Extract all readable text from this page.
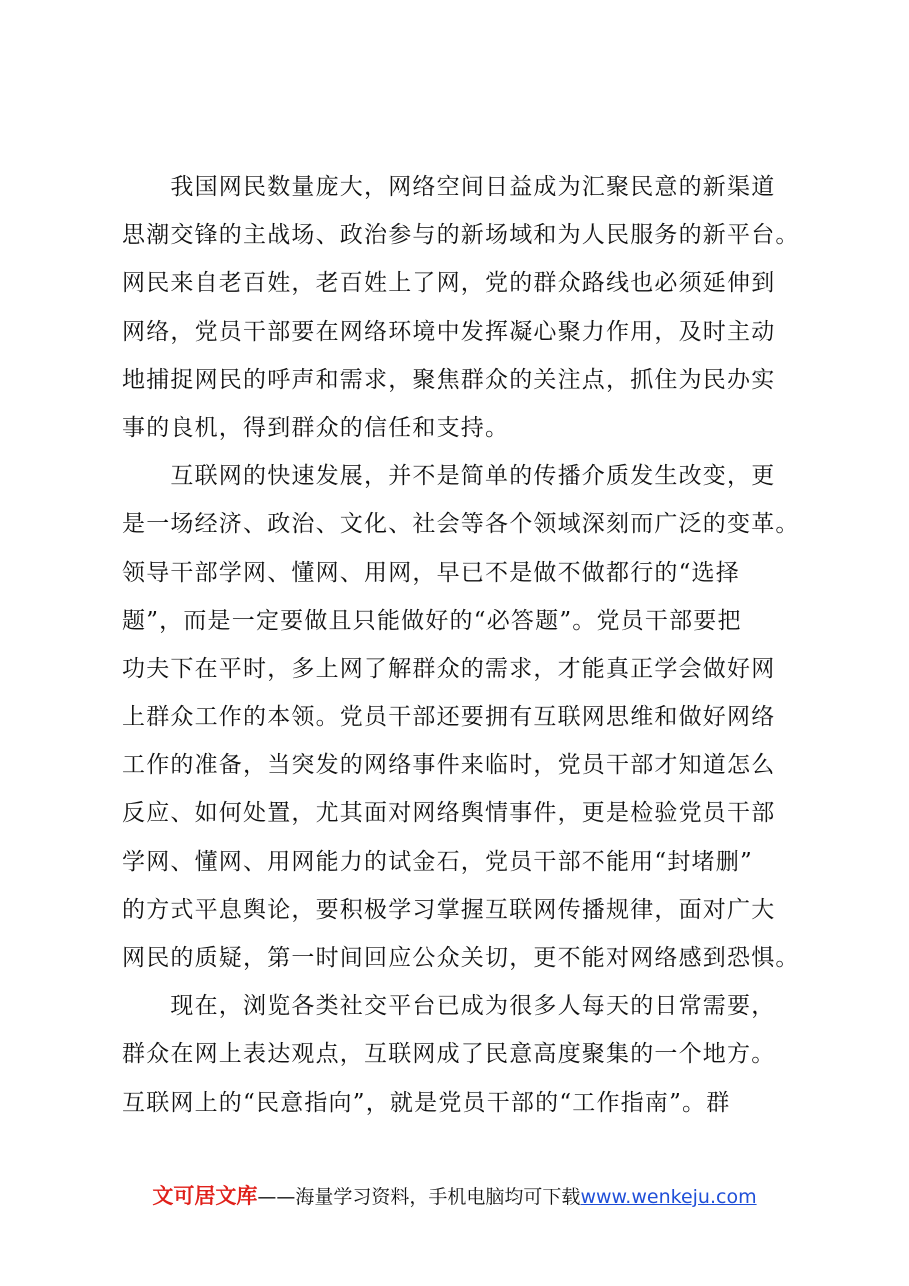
　　我国网民数量庞大，网络空间日益成为汇聚民意的新渠道
思潮交锋的主战场、政治参与的新场域和为人民服务的新平台。
网民来自老百姓，老百姓上了网，党的群众路线也必须延伸到
网络，党员干部要在网络环境中发挥凝心聚力作用，及时主动
地捕捉网民的呼声和需求，聚焦群众的关注点，抓住为民办实
事的良机，得到群众的信任和支持。
　　互联网的快速发展，并不是简单的传播介质发生改变，更
是一场经济、政治、文化、社会等各个领域深刻而广泛的变革。
领导干部学网、懂网、用网，早已不是做不做都行的“选择
题”，而是一定要做且只能做好的“必答题”。党员干部要把
功夫下在平时，多上网了解群众的需求，才能真正学会做好网
上群众工作的本领。党员干部还要拥有互联网思维和做好网络
工作的准备，当突发的网络事件来临时，党员干部才知道怎么
反应、如何处置，尤其面对网络舆情事件，更是检验党员干部
学网、懂网、用网能力的试金石，党员干部不能用“封堵删”
的方式平息舆论，要积极学习掌握互联网传播规律，面对广大
网民的质疑，第一时间回应公众关切，更不能对网络感到恐惧。
　　现在，浏览各类社交平台已成为很多人每天的日常需要，
群众在网上表达观点，互联网成了民意高度聚集的一个地方。
互联网上的“民意指向”，就是党员干部的“工作指南”。群
文可居文库——海量学习资料，手机电脑均可下载www.wenkeju.com
